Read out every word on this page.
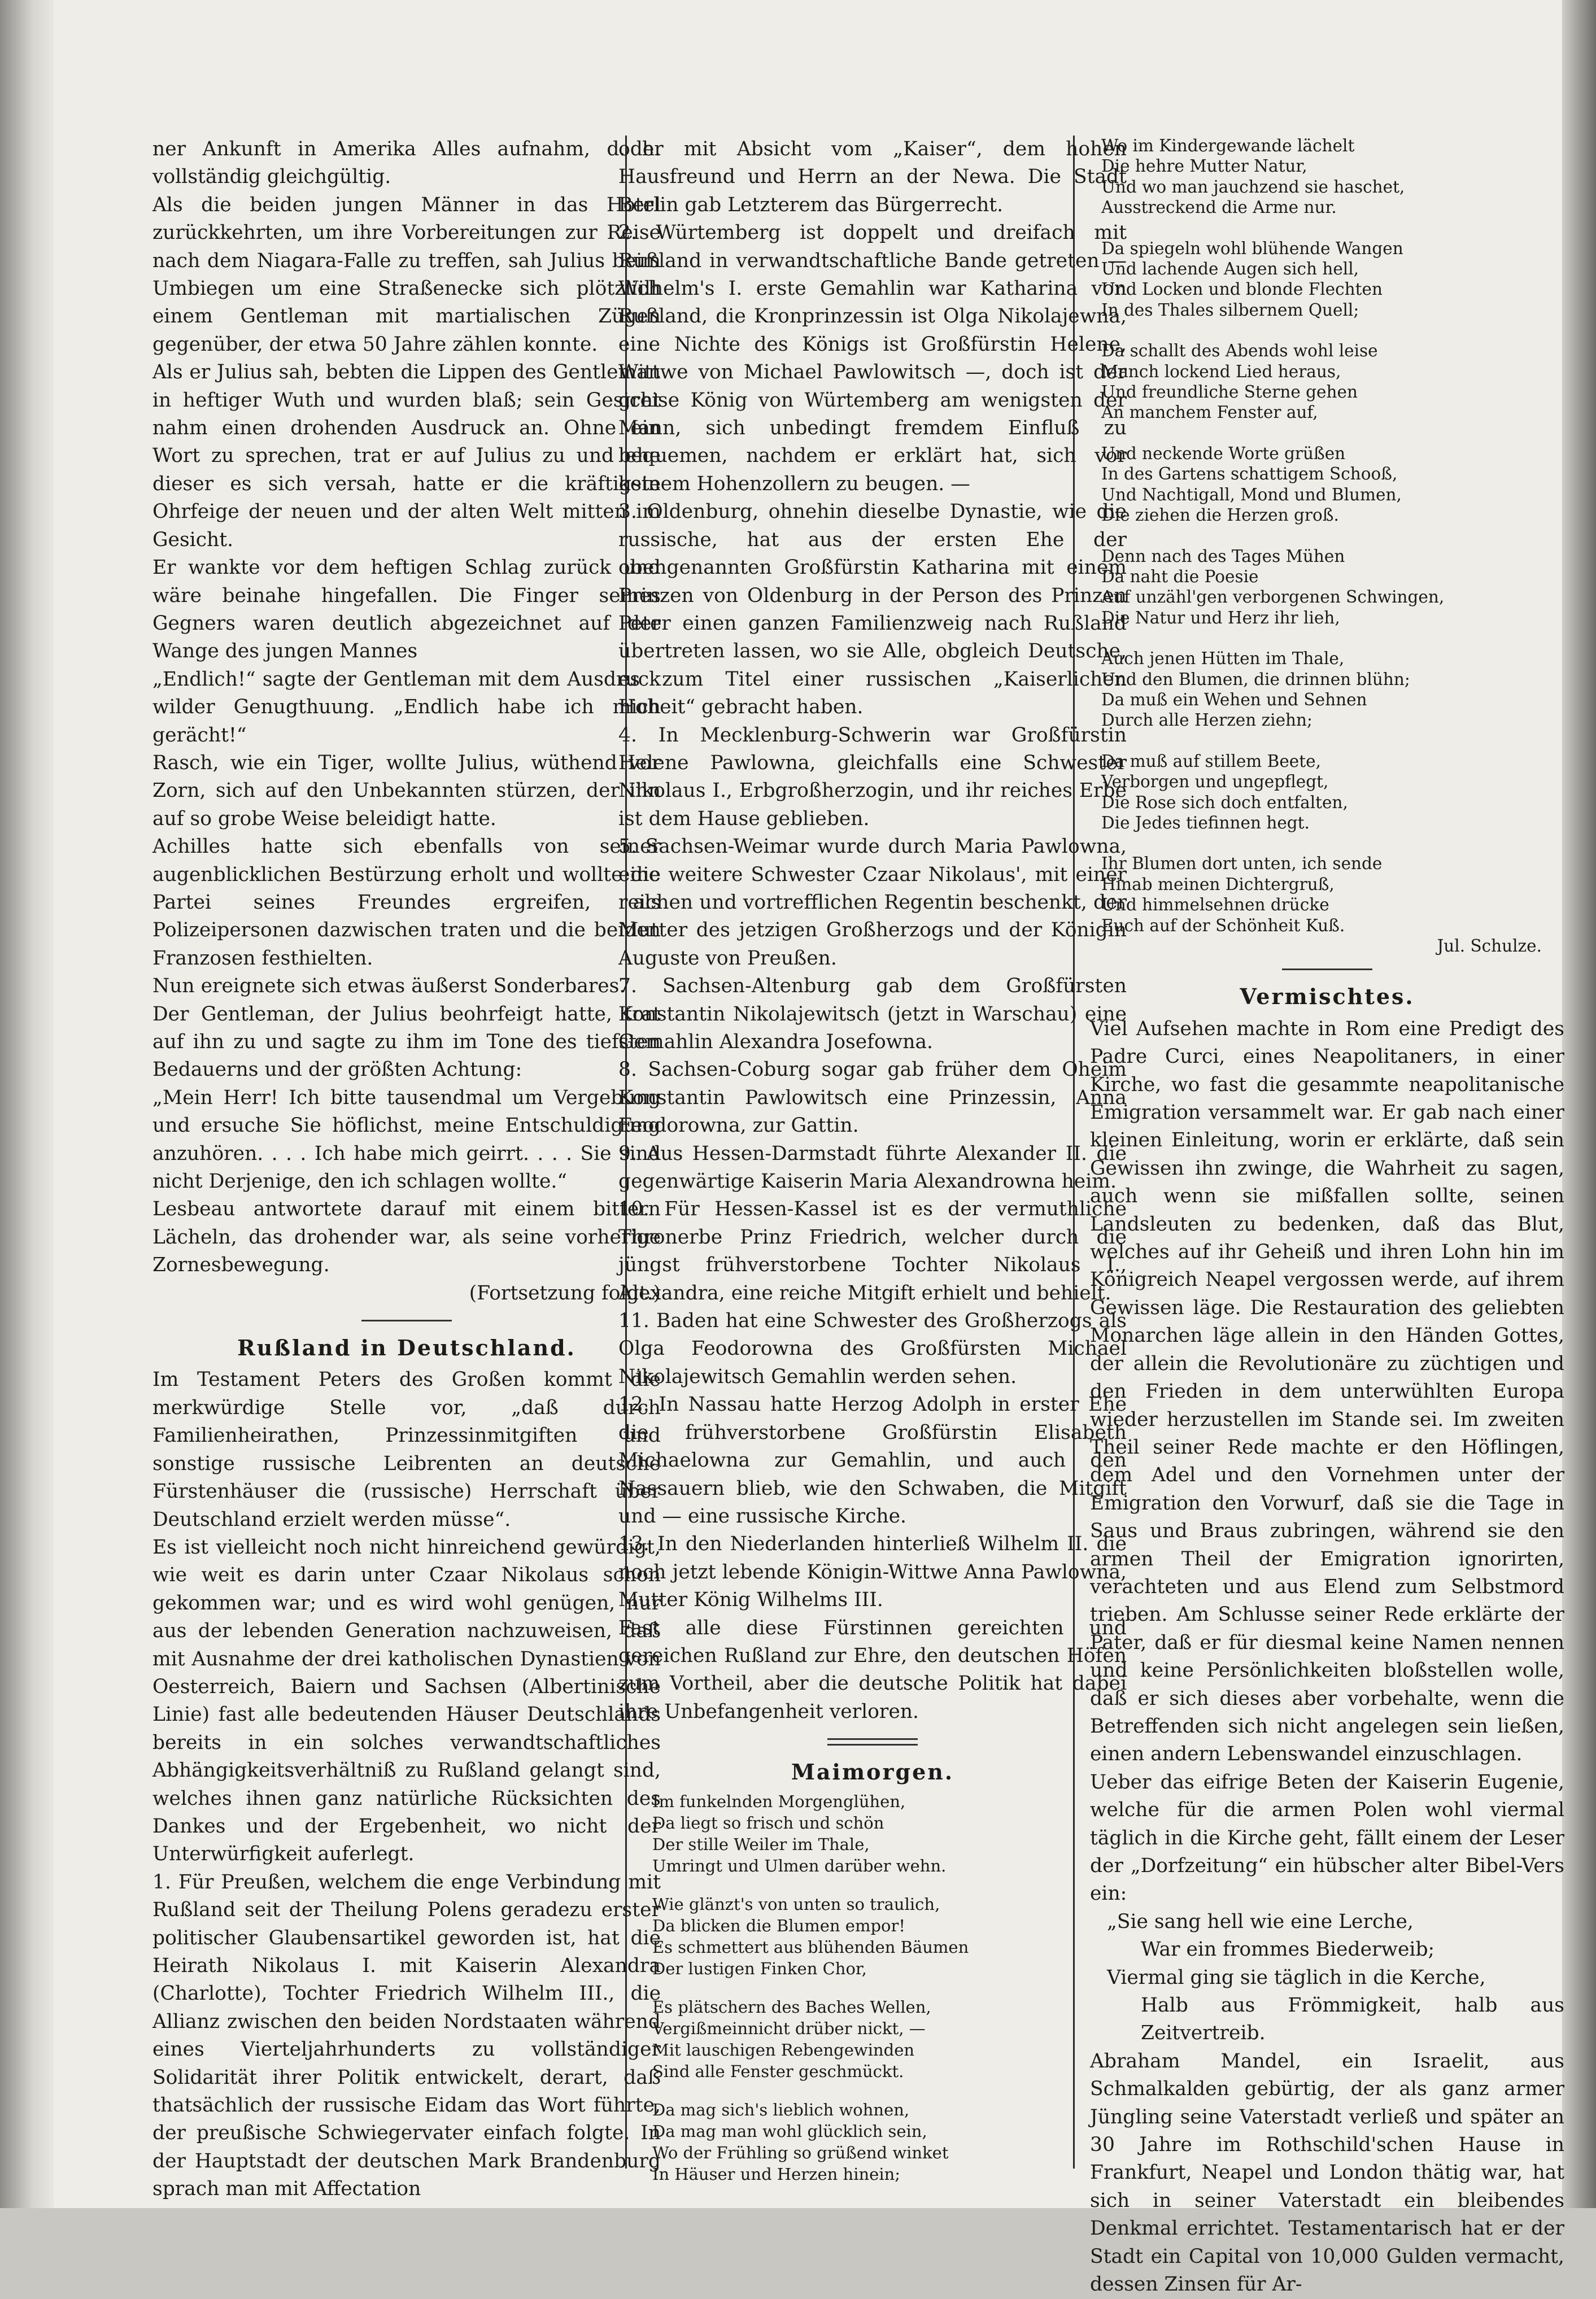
ner Ankunft in Amerika Alles aufnahm, d. h. vollständig gleichgültig.

Als die beiden jungen Männer in das Hotel zurückkehrten, um ihre Vorbereitungen zur Reise nach dem Niagara-Falle zu treffen, sah Julius beim Umbiegen um eine Straßenecke sich plötzlich einem Gentleman mit martialischen Zügen gegenüber, der etwa 50 Jahre zählen konnte.

Als er Julius sah, bebten die Lippen des Gentleman in heftiger Wuth und wurden blaß; sein Gesicht nahm einen drohenden Ausdruck an. Ohne ein Wort zu sprechen, trat er auf Julius zu und ehe dieser es sich versah, hatte er die kräftigste Ohrfeige der neuen und der alten Welt mitten im Gesicht.

Er wankte vor dem heftigen Schlag zurück und wäre beinahe hingefallen. Die Finger seines Gegners waren deutlich abgezeichnet auf der Wange des jungen Mannes

„Endlich!“ sagte der Gentleman mit dem Ausdruck wilder Genugthuung. „Endlich habe ich mich gerächt!“

Rasch, wie ein Tiger, wollte Julius, wüthend vor Zorn, sich auf den Unbekannten stürzen, der ihn auf so grobe Weise beleidigt hatte.

Achilles hatte sich ebenfalls von seiner augenblicklichen Bestürzung erholt und wollte die Partei seines Freundes ergreifen, als Polizeipersonen dazwischen traten und die beiden Franzosen festhielten.

Nun ereignete sich etwas äußerst Sonderbares.

Der Gentleman, der Julius beohrfeigt hatte, trat auf ihn zu und sagte zu ihm im Tone des tiefsten Bedauerns und der größten Achtung:

„Mein Herr! Ich bitte tausendmal um Vergebung und ersuche Sie höflichst, meine Entschuldigung anzuhören. . . . Ich habe mich geirrt. . . . Sie sind nicht Derjenige, den ich schlagen wollte.“

Lesbeau antwortete darauf mit einem bittern Lächeln, das drohender war, als seine vorherige Zornesbewegung.

(Fortsetzung folgt.)

Rußland in Deutschland.

Im Testament Peters des Großen kommt die merkwürdige Stelle vor, „daß durch Familienheirathen, Prinzessinmitgiften und sonstige russische Leibrenten an deutsche Fürstenhäuser die (russische) Herrschaft über Deutschland erzielt werden müsse“.

Es ist vielleicht noch nicht hinreichend gewürdigt, wie weit es darin unter Czaar Nikolaus schon gekommen war; und es wird wohl genügen, nur aus der lebenden Generation nachzuweisen, daß mit Ausnahme der drei katholischen Dynastien von Oesterreich, Baiern und Sachsen (Albertinische Linie) fast alle bedeutenden Häuser Deutschlands bereits in ein solches verwandtschaftliches Abhängigkeitsverhältniß zu Rußland gelangt sind, welches ihnen ganz natürliche Rücksichten des Dankes und der Ergebenheit, wo nicht der Unterwürfigkeit auferlegt.

1. Für Preußen, welchem die enge Verbindung mit Rußland seit der Theilung Polens geradezu erster politischer Glaubensartikel geworden ist, hat die Heirath Nikolaus I. mit Kaiserin Alexandra (Charlotte), Tochter Friedrich Wilhelm III., die Allianz zwischen den beiden Nordstaaten während eines Vierteljahrhunderts zu vollständiger Solidarität ihrer Politik entwickelt, derart, daß thatsächlich der russische Eidam das Wort führte, der preußische Schwiegervater einfach folgte. In der Hauptstadt der deutschen Mark Brandenburg sprach man mit Affectation

oder mit Absicht vom „Kaiser“, dem hohen Hausfreund und Herrn an der Newa. Die Stadt Berlin gab Letzterem das Bürgerrecht.

2. Würtemberg ist doppelt und dreifach mit Rußland in verwandtschaftliche Bande getreten — Wilhelm's I. erste Gemahlin war Katharina von Rußland, die Kronprinzessin ist Olga Nikolajewna, eine Nichte des Königs ist Großfürstin Helene, Wittwe von Michael Pawlowitsch —, doch ist der greise König von Würtemberg am wenigsten der Mann, sich unbedingt fremdem Einfluß zu bequemen, nachdem er erklärt hat, sich vor keinem Hohenzollern zu beugen. —

3. Oldenburg, ohnehin dieselbe Dynastie, wie die russische, hat aus der ersten Ehe der obengenannten Großfürstin Katharina mit einem Prinzen von Oldenburg in der Person des Prinzen Peter einen ganzen Familienzweig nach Rußland übertreten lassen, wo sie Alle, obgleich Deutsche, es zum Titel einer russischen „Kaiserlichen Hoheit“ gebracht haben.

4. In Mecklenburg-Schwerin war Großfürstin Helene Pawlowna, gleichfalls eine Schwester Nikolaus I., Erbgroßherzogin, und ihr reiches Erbe ist dem Hause geblieben.

5. Sachsen-Weimar wurde durch Maria Pawlowna, eine weitere Schwester Czaar Nikolaus', mit einer reichen und vortrefflichen Regentin beschenkt, der Mutter des jetzigen Großherzogs und der Königin Auguste von Preußen.

7. Sachsen-Altenburg gab dem Großfürsten Konstantin Nikolajewitsch (jetzt in Warschau) eine Gemahlin Alexandra Josefowna.

8. Sachsen-Coburg sogar gab früher dem Oheim Konstantin Pawlowitsch eine Prinzessin, Anna Feodorowna, zur Gattin.

9. Aus Hessen-Darmstadt führte Alexander II. die gegenwärtige Kaiserin Maria Alexandrowna heim.

10. Für Hessen-Kassel ist es der vermuthliche Thronerbe Prinz Friedrich, welcher durch die jüngst frühverstorbene Tochter Nikolaus I., Alexandra, eine reiche Mitgift erhielt und behielt.

11. Baden hat eine Schwester des Großherzogs als Olga Feodorowna des Großfürsten Michael Nikolajewitsch Gemahlin werden sehen.

12. In Nassau hatte Herzog Adolph in erster Ehe die frühverstorbene Großfürstin Elisabeth Michaelowna zur Gemahlin, und auch den Nassauern blieb, wie den Schwaben, die Mitgift und — eine russische Kirche.

13. In den Niederlanden hinterließ Wilhelm II. die noch jetzt lebende Königin-Wittwe Anna Pawlowna, Mutter König Wilhelms III.

Fast alle diese Fürstinnen gereichten und gereichen Rußland zur Ehre, den deutschen Höfen zum Vortheil, aber die deutsche Politik hat dabei ihre Unbefangenheit verloren.

Maimorgen.
Im funkelnden Morgenglühen,
Da liegt so frisch und schön
Der stille Weiler im Thale,
Umringt und Ulmen darüber wehn.
Wie glänzt's von unten so traulich,
Da blicken die Blumen empor!
Es schmettert aus blühenden Bäumen
Der lustigen Finken Chor,
Es plätschern des Baches Wellen,
Vergißmeinnicht drüber nickt, —
Mit lauschigen Rebengewinden
Sind alle Fenster geschmückt.
Da mag sich's lieblich wohnen,
Da mag man wohl glücklich sein,
Wo der Frühling so grüßend winket
In Häuser und Herzen hinein;
Wo im Kindergewande lächelt
Die hehre Mutter Natur,
Und wo man jauchzend sie haschet,
Ausstreckend die Arme nur.
Da spiegeln wohl blühende Wangen
Und lachende Augen sich hell,
Und Locken und blonde Flechten
In des Thales silbernem Quell;
Da schallt des Abends wohl leise
Manch lockend Lied heraus,
Und freundliche Sterne gehen
An manchem Fenster auf,
Und neckende Worte grüßen
In des Gartens schattigem Schooß,
Und Nachtigall, Mond und Blumen,
Die ziehen die Herzen groß.
Denn nach des Tages Mühen
Da naht die Poesie
Auf unzähl'gen verborgenen Schwingen,
Die Natur und Herz ihr lieh,
Auch jenen Hütten im Thale,
Und den Blumen, die drinnen blühn;
Da muß ein Wehen und Sehnen
Durch alle Herzen ziehn;
Da muß auf stillem Beete,
Verborgen und ungepflegt,
Die Rose sich doch entfalten,
Die Jedes tiefinnen hegt.
Ihr Blumen dort unten, ich sende
Hinab meinen Dichtergruß,
Und himmelsehnen drücke
Euch auf der Schönheit Kuß.
Jul. Schulze.
Vermischtes.

Viel Aufsehen machte in Rom eine Predigt des Padre Curci, eines Neapolitaners, in einer Kirche, wo fast die gesammte neapolitanische Emigration versammelt war. Er gab nach einer kleinen Einleitung, worin er erklärte, daß sein Gewissen ihn zwinge, die Wahrheit zu sagen, auch wenn sie mißfallen sollte, seinen Landsleuten zu bedenken, daß das Blut, welches auf ihr Geheiß und ihren Lohn hin im Königreich Neapel vergossen werde, auf ihrem Gewissen läge. Die Restauration des geliebten Monarchen läge allein in den Händen Gottes, der allein die Revolutionäre zu züchtigen und den Frieden in dem unterwühlten Europa wieder herzustellen im Stande sei. Im zweiten Theil seiner Rede machte er den Höflingen, dem Adel und den Vornehmen unter der Emigration den Vorwurf, daß sie die Tage in Saus und Braus zubringen, während sie den armen Theil der Emigration ignorirten, verachteten und aus Elend zum Selbstmord trieben. Am Schlusse seiner Rede erklärte der Pater, daß er für diesmal keine Namen nennen und keine Persönlichkeiten bloßstellen wolle, daß er sich dieses aber vorbehalte, wenn die Betreffenden sich nicht angelegen sein ließen, einen andern Lebenswandel einzuschlagen.

Ueber das eifrige Beten der Kaiserin Eugenie, welche für die armen Polen wohl viermal täglich in die Kirche geht, fällt einem der Leser der „Dorfzeitung“ ein hübscher alter Bibel-Vers ein:

„Sie sang hell wie eine Lerche,
War ein frommes Biederweib;
Viermal ging sie täglich in die Kerche,
Halb aus Frömmigkeit, halb aus Zeitvertreib.

Abraham Mandel, ein Israelit, aus Schmalkalden gebürtig, der als ganz armer Jüngling seine Vaterstadt verließ und später an 30 Jahre im Rothschild'schen Hause in Frankfurt, Neapel und London thätig war, hat sich in seiner Vaterstadt ein bleibendes Denkmal errichtet. Testamentarisch hat er der Stadt ein Capital von 10,000 Gulden vermacht, dessen Zinsen für Ar-
